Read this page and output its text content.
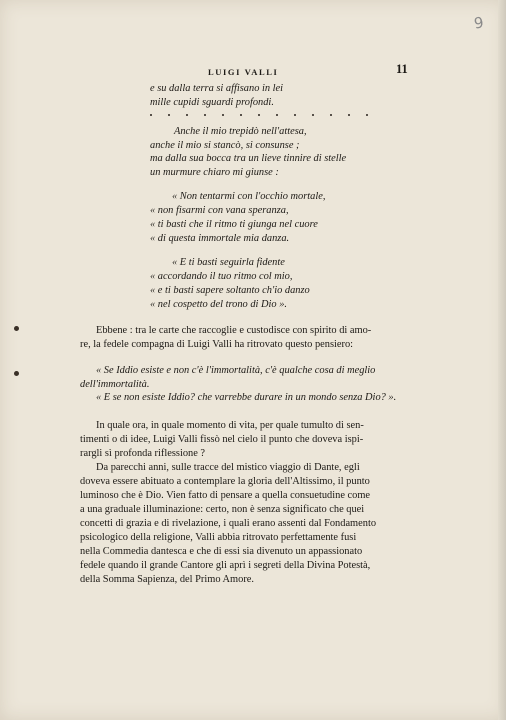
9
LUIGI VALLI	11
e su dalla terra si affisano in lei
mille cupidi sguardi profondi.
Anche il mio trepidò nell'attesa,
anche il mio si stancò, si consunse ;
ma dalla sua bocca tra un lieve tinnire di stelle
un murmure chiaro mi giunse :
« Non tentarmi con l'occhio mortale,
« non fisarmi con vana speranza,
« ti basti che il ritmo ti giunga nel cuore
« di questa immortale mia danza.
« E ti basti seguirla fidente
« accordando il tuo ritmo col mio,
« e ti basti sapere soltanto ch'io danzo
« nel cospetto del trono di Dio ».
Ebbene : tra le carte che raccoglie e custodisce con spirito di amo-
re, la fedele compagna di Luigi Valli ha ritrovato questo pensiero:
« Se Iddio esiste e non c'è l'immortalità, c'è qualche cosa di meglio
dell'immortalità.
« E se non esiste Iddio? che varrebbe durare in un mondo senza Dio? ».
In quale ora, in quale momento di vita, per quale tumulto di sen-
timenti o di idee, Luigi Valli fissò nel cielo il punto che doveva ispi-
rargli sì profonda riflessione ?
Da parecchi anni, sulle tracce del mistico viaggio di Dante, egli
doveva essere abituato a contemplare la gloria dell'Altissimo, il punto
luminoso che è Dio. Vien fatto di pensare a quella consuetudine come
a una graduale illuminazione: certo, non è senza significato che quei
concetti di grazia e di rivelazione, i quali erano assenti dal Fondamento
psicologico della religione, Valli abbia ritrovato perfettamente fusi
nella Commedia dantesca e che di essi sia divenuto un appassionato
fedele quando il grande Cantore gli aprì i segreti della Divina Potestà,
della Somma Sapienza, del Primo Amore.
